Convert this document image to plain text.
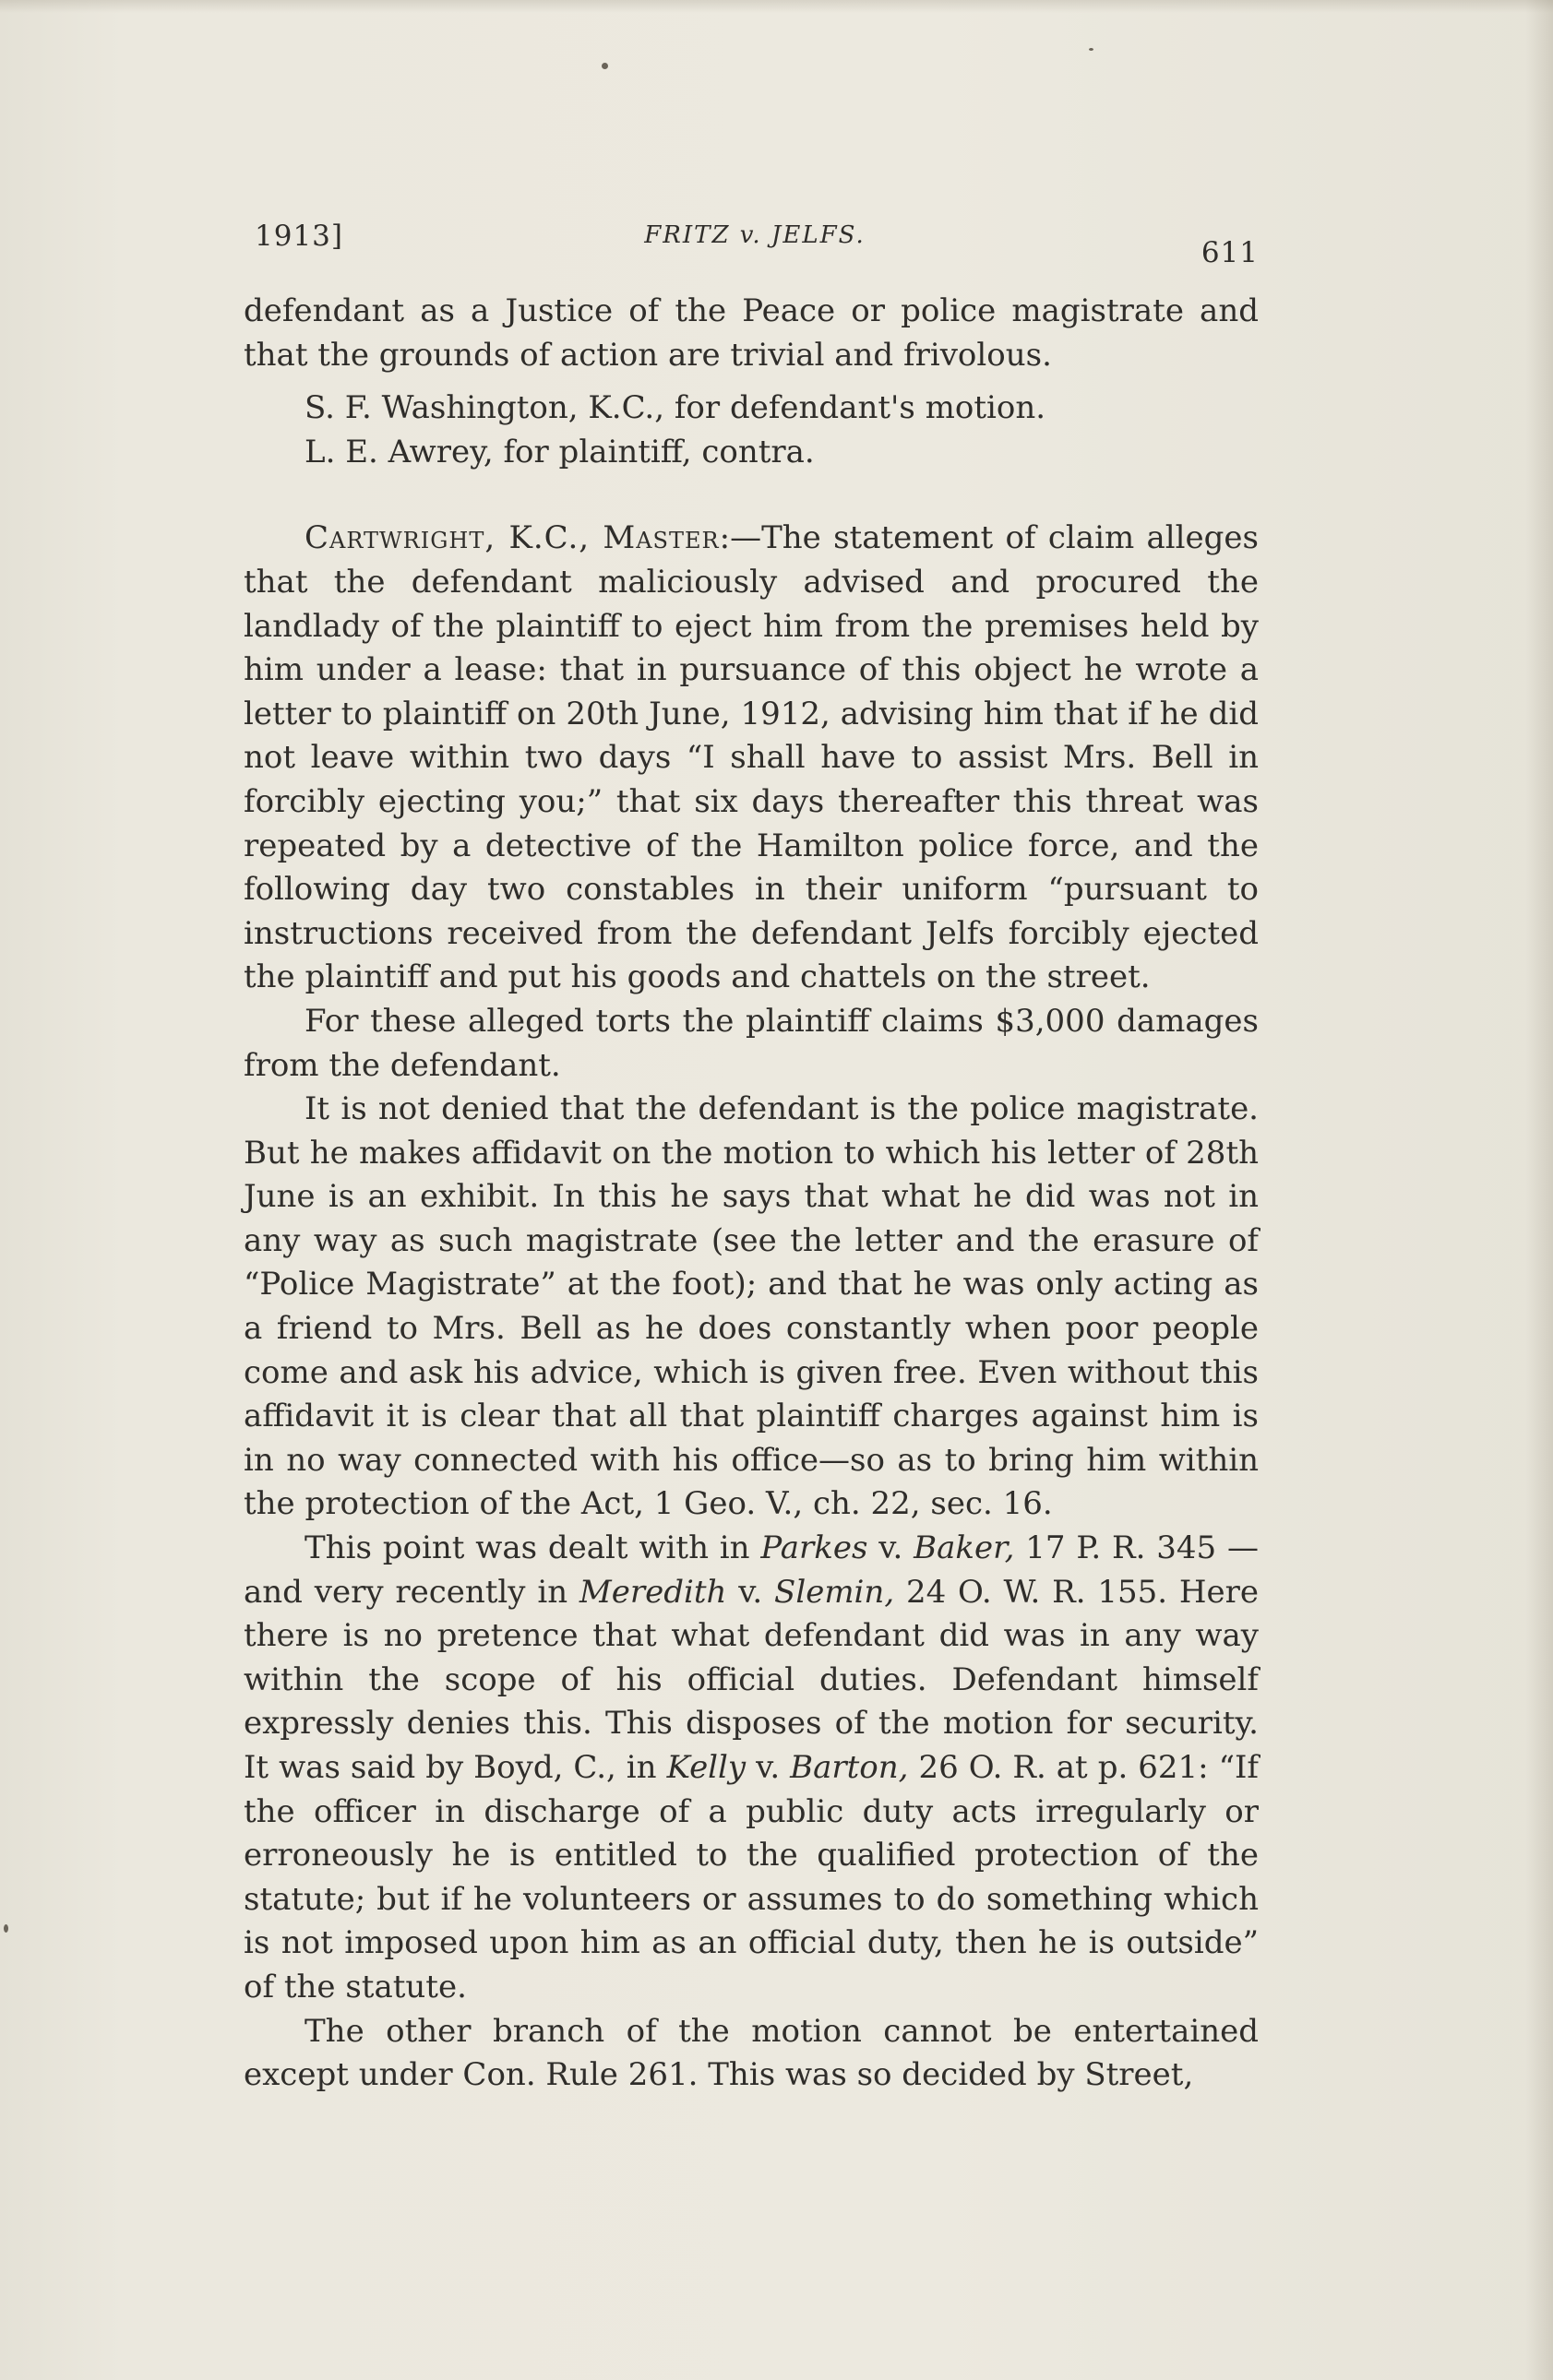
1913]	FRITZ v. JELFS.
611

defendant as a Justice of the Peace or police magistrate and that the grounds of action are trivial and frivolous.

S. F. Washington, K.C., for defendant's motion.

L. E. Awrey, for plaintiff, contra.

Cartwright, K.C., Master:—The statement of claim alleges that the defendant maliciously advised and procured the landlady of the plaintiff to eject him from the premises held by him under a lease: that in pursuance of this object he wrote a letter to plaintiff on 20th June, 1912, advising him that if he did not leave within two days “I shall have to assist Mrs. Bell in forcibly ejecting you;” that six days thereafter this threat was repeated by a detective of the Hamilton police force, and the following day two constables in their uniform “pursuant to instructions received from the defendant Jelfs forcibly ejected the plaintiff and put his goods and chattels on the street.

For these alleged torts the plaintiff claims $3,000 damages from the defendant.

It is not denied that the defendant is the police magistrate. But he makes affidavit on the motion to which his letter of 28th June is an exhibit. In this he says that what he did was not in any way as such magistrate (see the letter and the erasure of “Police Magistrate” at the foot); and that he was only acting as a friend to Mrs. Bell as he does constantly when poor people come and ask his advice, which is given free. Even without this affidavit it is clear that all that plaintiff charges against him is in no way connected with his office—so as to bring him within the protection of the Act, 1 Geo. V., ch. 22, sec. 16.

This point was dealt with in Parkes v. Baker, 17 P. R. 345 —and very recently in Meredith v. Slemin, 24 O. W. R. 155. Here there is no pretence that what defendant did was in any way within the scope of his official duties. Defendant himself expressly denies this. This disposes of the motion for security. It was said by Boyd, C., in Kelly v. Barton, 26 O. R. at p. 621: “If the officer in discharge of a public duty acts irregularly or erroneously he is entitled to the qualified protection of the statute; but if he volunteers or assumes to do something which is not imposed upon him as an official duty, then he is outside” of the statute.

The other branch of the motion cannot be entertained except under Con. Rule 261. This was so decided by Street,
